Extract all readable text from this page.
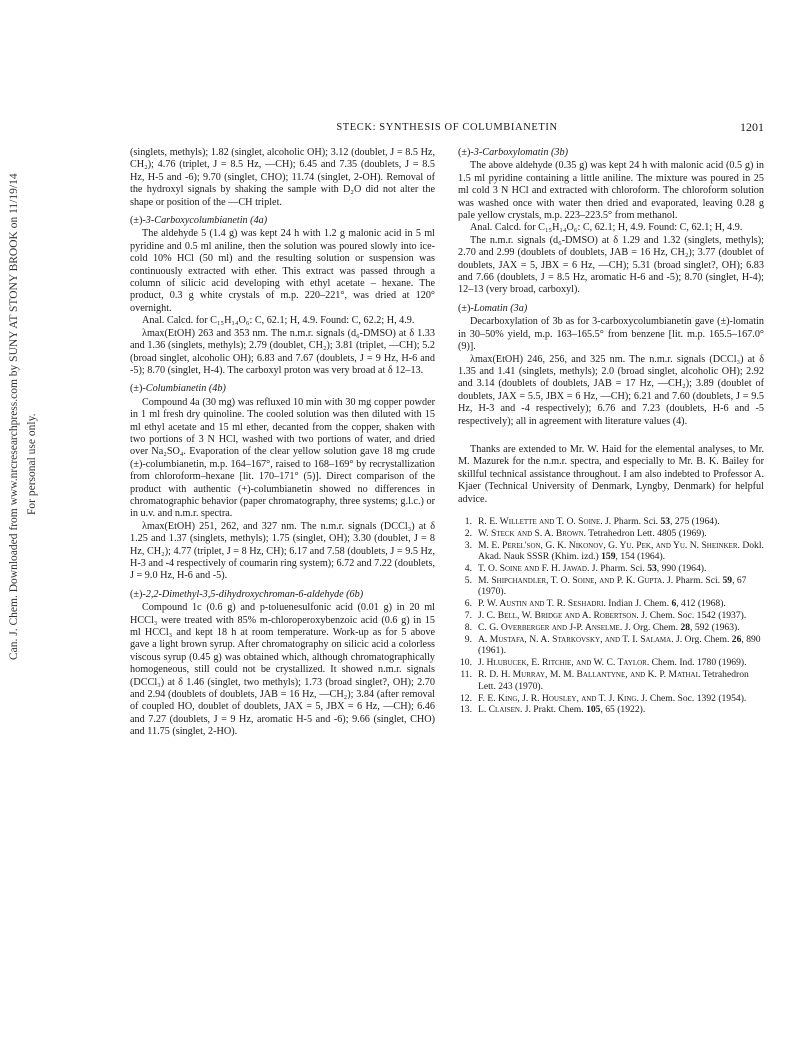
Can. J. Chem. Downloaded from www.nrcresearchpress.com by SUNY AT STONY BROOK on 11/19/14 For personal use only.
STECK: SYNTHESIS OF COLUMBIANETIN	1201

(singlets, methyls); 1.82 (singlet, alcoholic OH); 3.12 (doublet, J = 8.5 Hz, CH₂); 4.76 (triplet, J = 8.5 Hz, —CH); 6.45 and 7.35 (doublets, J = 8.5 Hz, H-5 and -6); 9.70 (singlet, CHO); 11.74 (singlet, 2-OH). Removal of the hydroxyl signals by shaking the sample with D₂O did not alter the shape or position of the —CH triplet.

(±)-3-Carboxycolumbianetin (4a)

The aldehyde 5 (1.4 g) was kept 24 h with 1.2 g malonic acid in 5 ml pyridine and 0.5 ml aniline, then the solution was poured slowly into ice-cold 10% HCl (50 ml) and the resulting solution or suspension was continuously extracted with ether. This extract was passed through a column of silicic acid developing with ethyl acetate – hexane. The product, 0.3 g white crystals of m.p. 220–221°, was dried at 120° overnight.

Anal. Calcd. for C₁₅H₁₄O₆: C, 62.1; H, 4.9. Found: C, 62.2; H, 4.9.

λmax(EtOH) 263 and 353 nm. The n.m.r. signals (d₆-DMSO) at δ 1.33 and 1.36 (singlets, methyls); 2.79 (doublet, CH₂); 3.81 (triplet, —CH); 5.2 (broad singlet, alcoholic OH); 6.83 and 7.67 (doublets, J = 9 Hz, H-6 and -5); 8.70 (singlet, H-4). The carboxyl proton was very broad at δ 12–13.

(±)-Columbianetin (4b)

Compound 4a (30 mg) was refluxed 10 min with 30 mg copper powder in 1 ml fresh dry quinoline. The cooled solution was then diluted with 15 ml ethyl acetate and 15 ml ether, decanted from the copper, shaken with two portions of 3 N HCl, washed with two portions of water, and dried over Na₂SO₄. Evaporation of the clear yellow solution gave 18 mg crude (±)-columbianetin, m.p. 164–167°, raised to 168–169° by recrystallization from chloroform–hexane [lit. 170–171° (5)]. Direct comparison of the product with authentic (+)-columbianetin showed no differences in chromatographic behavior (paper chromatography, three systems; g.l.c.) or in u.v. and n.m.r. spectra.

λmax(EtOH) 251, 262, and 327 nm. The n.m.r. signals (DCCl₃) at δ 1.25 and 1.37 (singlets, methyls); 1.75 (singlet, OH); 3.30 (doublet, J = 8 Hz, CH₂); 4.77 (triplet, J = 8 Hz, CH); 6.17 and 7.58 (doublets, J = 9.5 Hz, H-3 and -4 respectively of coumarin ring system); 6.72 and 7.22 (doublets, J = 9.0 Hz, H-6 and -5).

(±)-2,2-Dimethyl-3,5-dihydroxychroman-6-aldehyde (6b)

Compound 1c (0.6 g) and p-toluenesulfonic acid (0.01 g) in 20 ml HCCl₃ were treated with 85% m-chloroperoxybenzoic acid (0.6 g) in 15 ml HCCl₃ and kept 18 h at room temperature. Work-up as for 5 above gave a light brown syrup. After chromatography on silicic acid a colorless viscous syrup (0.45 g) was obtained which, although chromatographically homogeneous, still could not be crystallized. It showed n.m.r. signals (DCCl₃) at δ 1.46 (singlet, two methyls); 1.73 (broad singlet?, OH); 2.70 and 2.94 (doublets of doublets, JAB = 16 Hz, —CH₂); 3.84 (after removal of coupled HO, doublet of doublets, JAX = 5, JBX = 6 Hz, —CH); 6.46 and 7.27 (doublets, J = 9 Hz, aromatic H-5 and -6); 9.66 (singlet, CHO) and 11.75 (singlet, 2-HO).

(±)-3-Carboxylomatin (3b)

The above aldehyde (0.35 g) was kept 24 h with malonic acid (0.5 g) in 1.5 ml pyridine containing a little aniline. The mixture was poured in 25 ml cold 3 N HCl and extracted with chloroform. The chloroform solution was washed once with water then dried and evaporated, leaving 0.28 g pale yellow crystals, m.p. 223–223.5° from methanol.

Anal. Calcd. for C₁₅H₁₄O₆: C, 62.1; H, 4.9. Found: C, 62.1; H, 4.9.

The n.m.r. signals (d₆-DMSO) at δ 1.29 and 1.32 (singlets, methyls); 2.70 and 2.99 (doublets of doublets, JAB = 16 Hz, CH₂); 3.77 (doublet of doublets, JAX = 5, JBX = 6 Hz, —CH); 5.31 (broad singlet?, OH); 6.83 and 7.66 (doublets, J = 8.5 Hz, aromatic H-6 and -5); 8.70 (singlet, H-4); 12–13 (very broad, carboxyl).

(±)-Lomatin (3a)

Decarboxylation of 3b as for 3-carboxycolumbianetin gave (±)-lomatin in 30–50% yield, m.p. 163–165.5° from benzene [lit. m.p. 165.5–167.0° (9)].

λmax(EtOH) 246, 256, and 325 nm. The n.m.r. signals (DCCl₃) at δ 1.35 and 1.41 (singlets, methyls); 2.0 (broad singlet, alcoholic OH); 2.92 and 3.14 (doublets of doublets, JAB = 17 Hz, —CH₂); 3.89 (doublet of doublets, JAX = 5.5, JBX = 6 Hz, —CH); 6.21 and 7.60 (doublets, J = 9.5 Hz, H-3 and -4 respectively); 6.76 and 7.23 (doublets, H-6 and -5 respectively); all in agreement with literature values (4).

Thanks are extended to Mr. W. Haid for the elemental analyses, to Mr. M. Mazurek for the n.m.r. spectra, and especially to Mr. B. K. Bailey for skillful technical assistance throughout. I am also indebted to Professor A. Kjaer (Technical University of Denmark, Lyngby, Denmark) for helpful advice.

1. R. E. Willette and T. O. Soine. J. Pharm. Sci. 53, 275 (1964).
2. W. Steck and S. A. Brown. Tetrahedron Lett. 4805 (1969).
3. M. E. Perel'son, G. K. Nikonov, G. Yu. Pek, and Yu. N. Sheinker. Dokl. Akad. Nauk SSSR (Khim. izd.) 159, 154 (1964).
4. T. O. Soine and F. H. Jawad. J. Pharm. Sci. 53, 990 (1964).
5. M. Shipchandler, T. O. Soine, and P. K. Gupta. J. Pharm. Sci. 59, 67 (1970).
6. P. W. Austin and T. R. Seshadri. Indian J. Chem. 6, 412 (1968).
7. J. C. Bell, W. Bridge and A. Robertson. J. Chem. Soc. 1542 (1937).
8. C. G. Overberger and J-P. Anselme. J. Org. Chem. 28, 592 (1963).
9. A. Mustafa, N. A. Starkovsky, and T. I. Salama. J. Org. Chem. 26, 890 (1961).
10. J. Hlubucek, E. Ritchie, and W. C. Taylor. Chem. Ind. 1780 (1969).
11. R. D. H. Murray, M. M. Ballantyne, and K. P. Mathai. Tetrahedron Lett. 243 (1970).
12. F. E. King, J. R. Housley, and T. J. King. J. Chem. Soc. 1392 (1954).
13. L. Claisen. J. Prakt. Chem. 105, 65 (1922).
